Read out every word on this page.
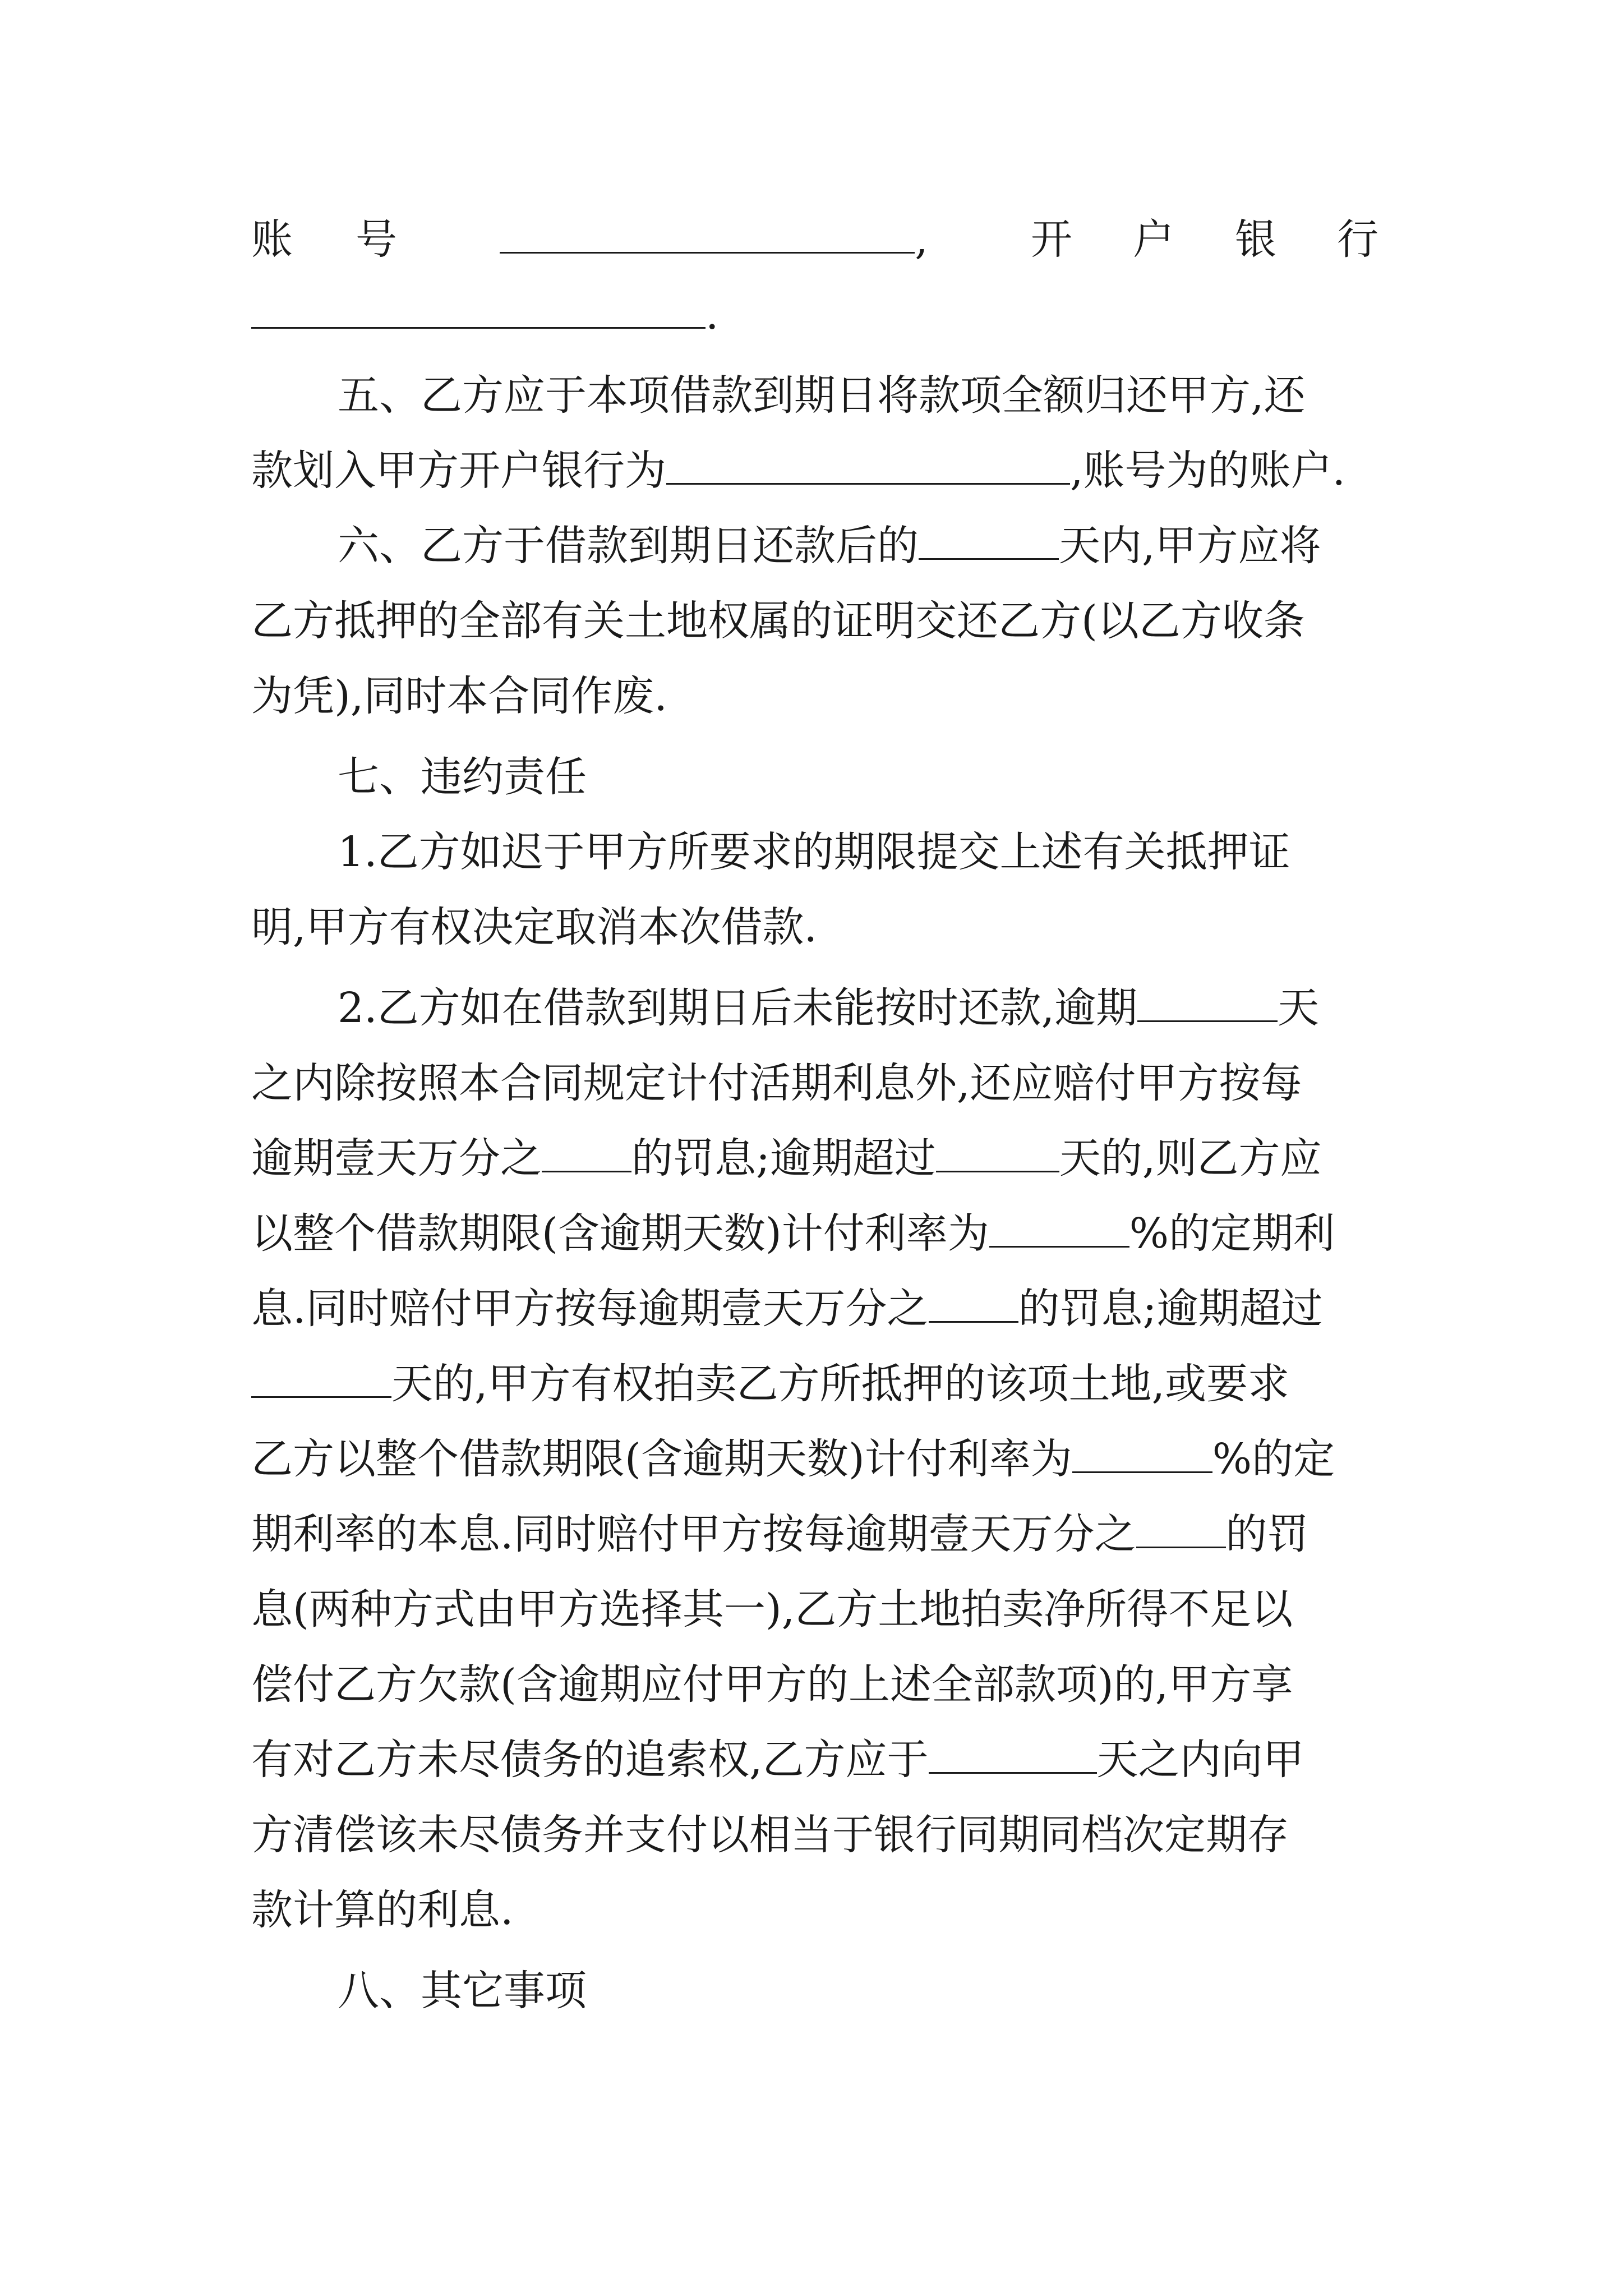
账 号	, 开 户 银 行
.
五、乙方应于本项借款到期日将款项全额归还甲方,还
款划入甲方开户银行为	,账号为的账户.
六、乙方于借款到期日还款后的	天内,甲方应将
乙方抵押的全部有关土地权属的证明交还乙方(以乙方收条
为凭),同时本合同作废.
七、违约责任
1.乙方如迟于甲方所要求的期限提交上述有关抵押证
明,甲方有权决定取消本次借款.
2.乙方如在借款到期日后未能按时还款,逾期	天
之内除按照本合同规定计付活期利息外,还应赔付甲方按每
逾期壹天万分之 的罚息;逾期超过	天的,则乙方应
以整个借款期限(含逾期天数)计付利率为	%的定期利
息.同时赔付甲方按每逾期壹天万分之 的罚息;逾期超过
天的,甲方有权拍卖乙方所抵押的该项土地,或要求
乙方以整个借款期限(含逾期天数)计付利率为	%的定
期利率的本息.同时赔付甲方按每逾期壹天万分之 的罚
息(两种方式由甲方选择其一),乙方土地拍卖净所得不足以
偿付乙方欠款(含逾期应付甲方的上述全部款项)的,甲方享
有对乙方未尽债务的追索权,乙方应于	天之内向甲
方清偿该未尽债务并支付以相当于银行同期同档次定期存
款计算的利息.
八、其它事项
